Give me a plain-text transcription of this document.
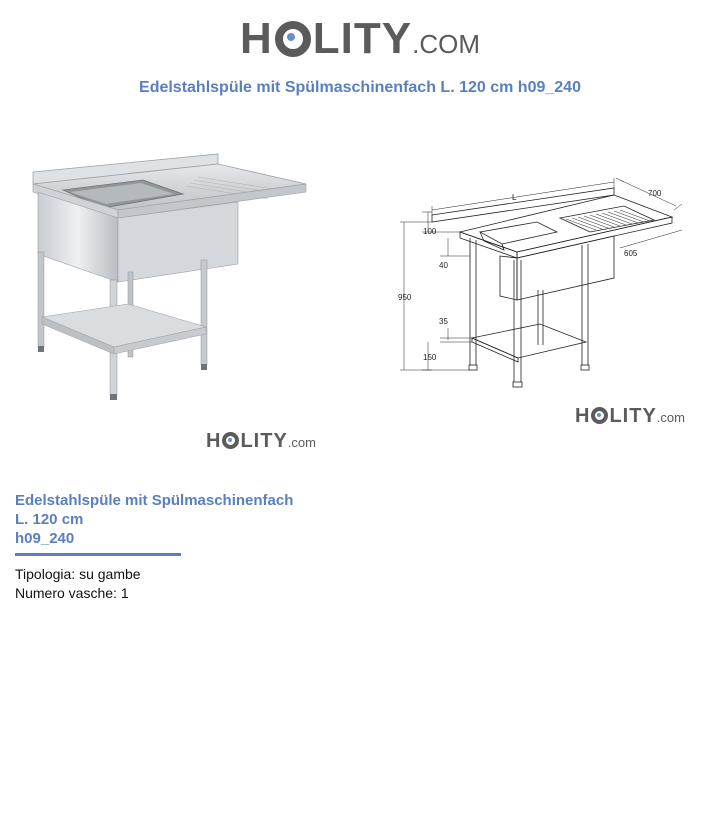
H LITY .COM
Edelstahlspüle mit Spülmaschinenfach L. 120 cm h09_240
H LITY .com
L	700
605
100
40
950
35
150
H LITY .com
Edelstahlspüle mit Spülmaschinenfach
L. 120 cm
h09_240
Tipologia: su gambe
Numero vasche: 1
